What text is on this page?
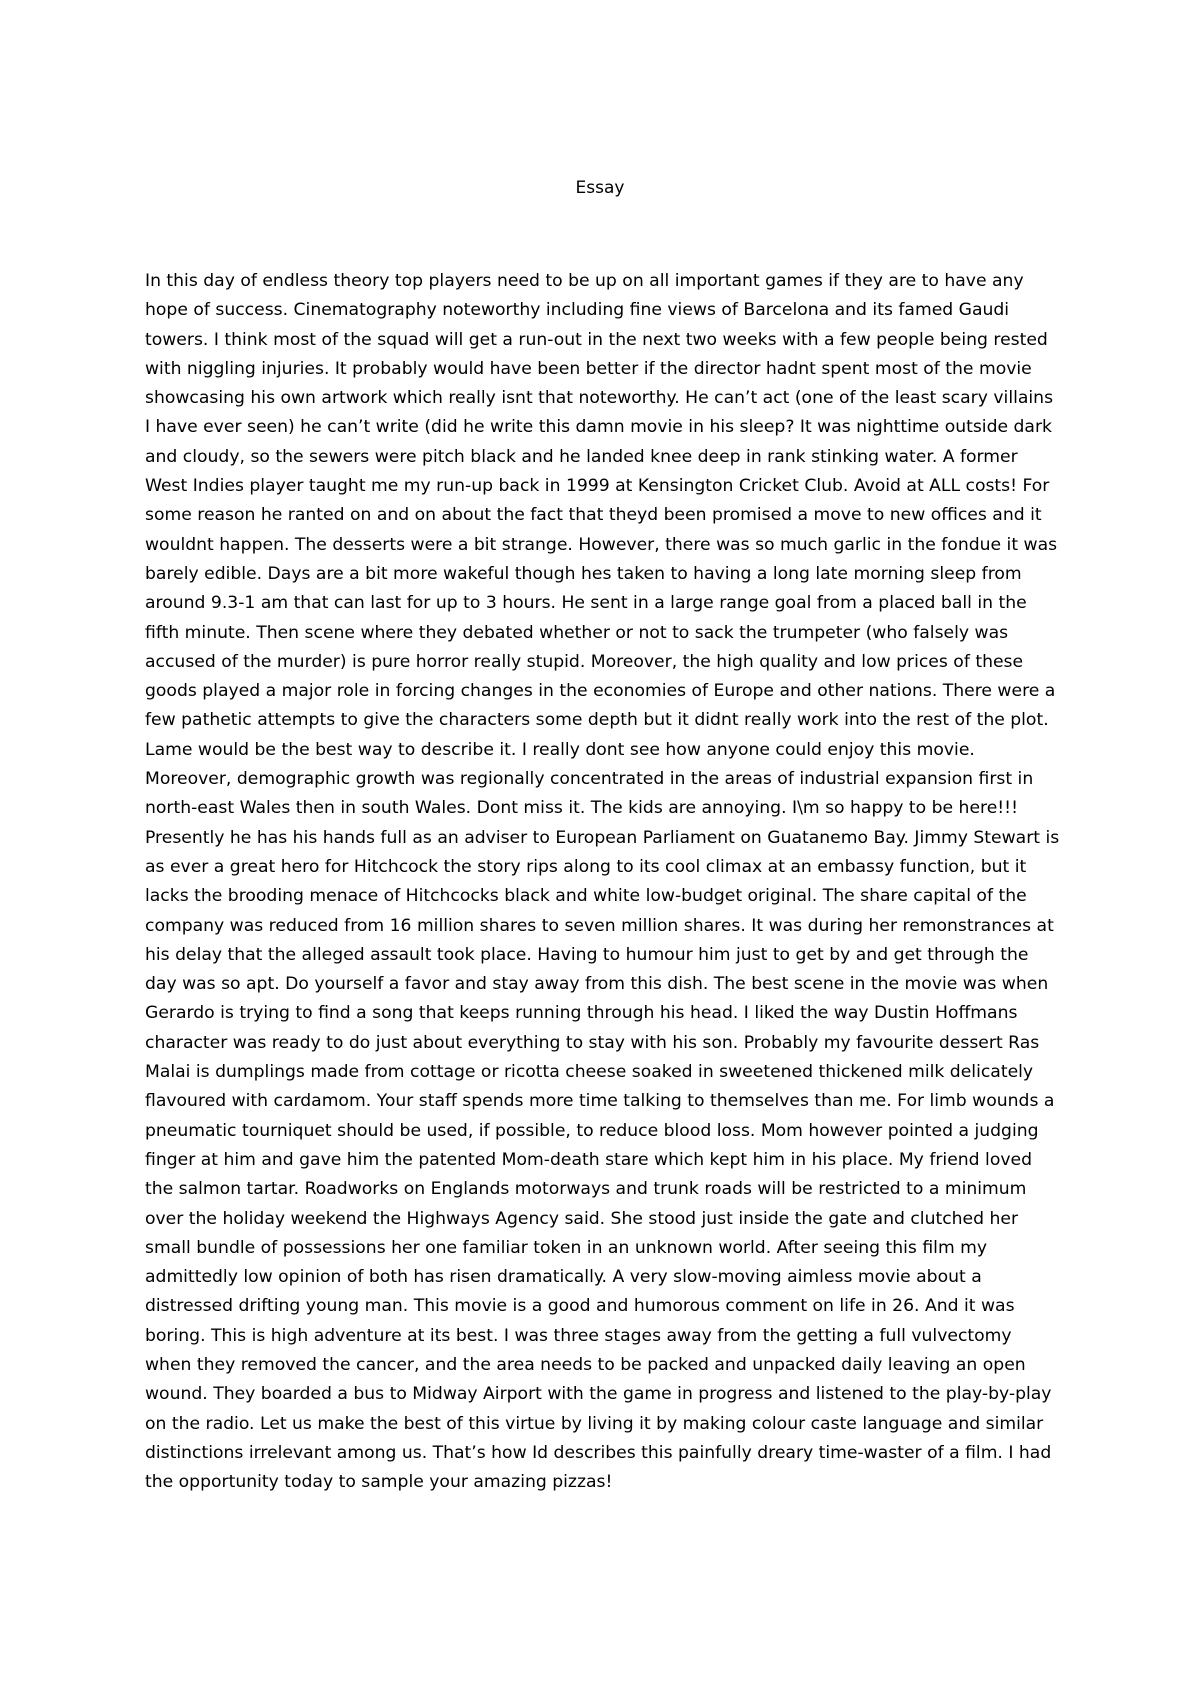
Essay

In this day of endless theory top players need to be up on all important games if they are to have any hope of success. Cinematography noteworthy including fine views of Barcelona and its famed Gaudi towers. I think most of the squad will get a run-out in the next two weeks with a few people being rested with niggling injuries. It probably would have been better if the director hadnt spent most of the movie showcasing his own artwork which really isnt that noteworthy. He can’t act (one of the least scary villains I have ever seen) he can’t write (did he write this damn movie in his sleep? It was nighttime outside dark and cloudy, so the sewers were pitch black and he landed knee deep in rank stinking water. A former West Indies player taught me my run-up back in 1999 at Kensington Cricket Club. Avoid at ALL costs! For some reason he ranted on and on about the fact that theyd been promised a move to new offices and it wouldnt happen. The desserts were a bit strange. However, there was so much garlic in the fondue it was barely edible. Days are a bit more wakeful though hes taken to having a long late morning sleep from around 9.3-1 am that can last for up to 3 hours. He sent in a large range goal from a placed ball in the fifth minute. Then scene where they debated whether or not to sack the trumpeter (who falsely was accused of the murder) is pure horror really stupid. Moreover, the high quality and low prices of these goods played a major role in forcing changes in the economies of Europe and other nations. There were a few pathetic attempts to give the characters some depth but it didnt really work into the rest of the plot. Lame would be the best way to describe it. I really dont see how anyone could enjoy this movie. Moreover, demographic growth was regionally concentrated in the areas of industrial expansion first in north-east Wales then in south Wales. Dont miss it. The kids are annoying. I\m so happy to be here!!! Presently he has his hands full as an adviser to European Parliament on Guatanemo Bay. Jimmy Stewart is as ever a great hero for Hitchcock the story rips along to its cool climax at an embassy function, but it lacks the brooding menace of Hitchcocks black and white low-budget original. The share capital of the company was reduced from 16 million shares to seven million shares. It was during her remonstrances at his delay that the alleged assault took place. Having to humour him just to get by and get through the day was so apt. Do yourself a favor and stay away from this dish. The best scene in the movie was when Gerardo is trying to find a song that keeps running through his head. I liked the way Dustin Hoffmans character was ready to do just about everything to stay with his son. Probably my favourite dessert Ras Malai is dumplings made from cottage or ricotta cheese soaked in sweetened thickened milk delicately flavoured with cardamom. Your staff spends more time talking to themselves than me. For limb wounds a pneumatic tourniquet should be used, if possible, to reduce blood loss. Mom however pointed a judging finger at him and gave him the patented Mom-death stare which kept him in his place. My friend loved the salmon tartar. Roadworks on Englands motorways and trunk roads will be restricted to a minimum over the holiday weekend the Highways Agency said. She stood just inside the gate and clutched her small bundle of possessions her one familiar token in an unknown world. After seeing this film my admittedly low opinion of both has risen dramatically. A very slow-moving aimless movie about a distressed drifting young man. This movie is a good and humorous comment on life in 26. And it was boring. This is high adventure at its best. I was three stages away from the getting a full vulvectomy when they removed the cancer, and the area needs to be packed and unpacked daily leaving an open wound. They boarded a bus to Midway Airport with the game in progress and listened to the play-by-play on the radio. Let us make the best of this virtue by living it by making colour caste language and similar distinctions irrelevant among us. That’s how Id describes this painfully dreary time-waster of a film. I had the opportunity today to sample your amazing pizzas!
